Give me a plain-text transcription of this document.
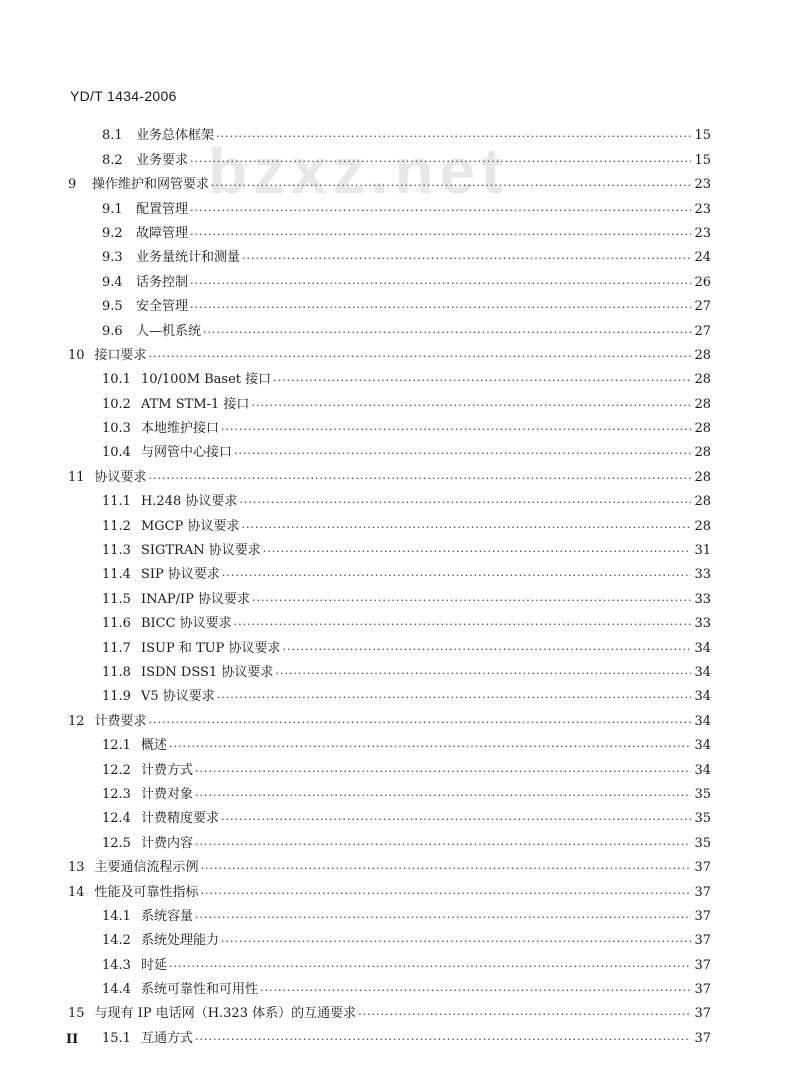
YD/T 1434-2006
bzxz.net
8.1	业务总体框架 ·····	15
8.2	业务要求 ·····	15
9	操作维护和网管要求 ·····	23
9.1	配置管理 ·····	23
9.2	故障管理 ·····	23
9.3	业务量统计和测量 ·····	24
9.4	话务控制 ·····	26
9.5	安全管理 ·····	27
9.6	人—机系统 ·····	27
10 接口要求 ·····	28
10.1 10/100M Baset 接口 ·····	28
10.2 ATM STM-1 接口 ·····	28
10.3 本地维护接口 ·····	28
10.4 与网管中心接口 ·····	28
11 协议要求 ·····	28
11.1 H.248 协议要求 ·····	28
11.2 MGCP 协议要求 ·····	28
11.3 SIGTRAN 协议要求 ·····	31
11.4 SIP 协议要求 ·····	33
11.5 INAP/IP 协议要求 ·····	33
11.6 BICC 协议要求 ·····	33
11.7 ISUP 和 TUP 协议要求 ·····	34
11.8 ISDN DSS1 协议要求 ·····	34
11.9 V5 协议要求 ·····	34
12 计费要求 ·····	34
12.1 概述 ·····	34
12.2 计费方式 ·····	34
12.3 计费对象 ·····	35
12.4 计费精度要求 ·····	35
12.5 计费内容 ·····	35
13 主要通信流程示例 ·····	37
14 性能及可靠性指标 ·····	37
14.1 系统容量 ·····	37
14.2 系统处理能力 ·····	37
14.3 时延 ·····	37
14.4 系统可靠性和可用性 ·····	37
15 与现有 IP 电话网（H.323 体系）的互通要求 ·····	37
15.1 互通方式 ·····	37
II
